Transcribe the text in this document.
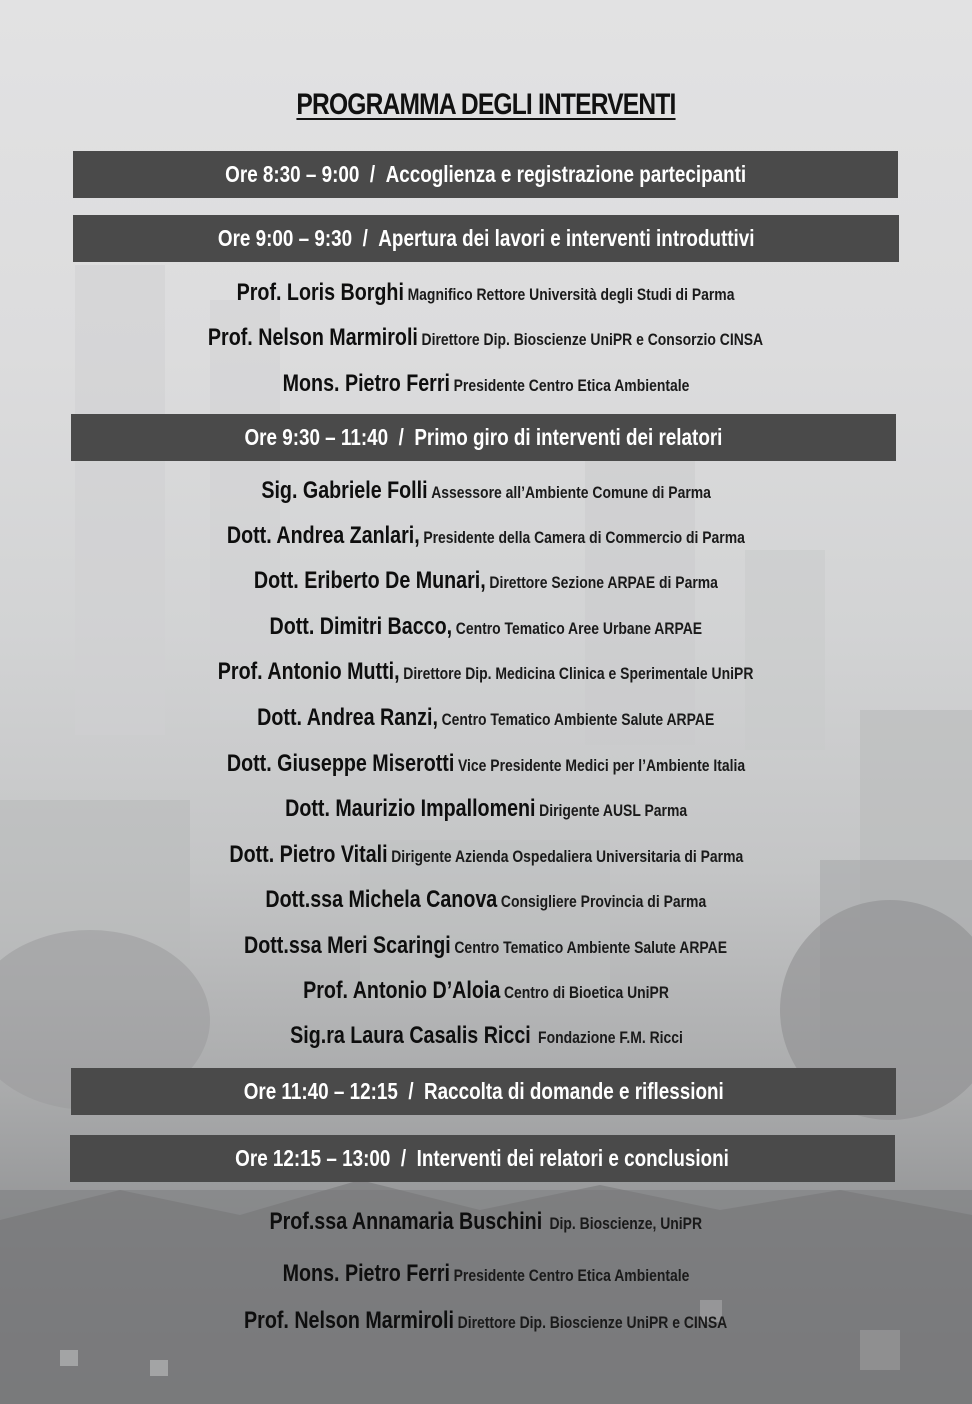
PROGRAMMA DEGLI INTERVENTI
Ore 8:30 – 9:00  /  Accoglienza e registrazione partecipanti
Ore 9:00 – 9:30  /  Apertura dei lavori e interventi introduttivi
Prof. Loris Borghi Magnifico Rettore Università degli Studi di Parma
Prof. Nelson Marmiroli Direttore Dip. Bioscienze UniPR e Consorzio CINSA
Mons. Pietro Ferri Presidente Centro Etica Ambientale
Ore 9:30 – 11:40  /  Primo giro di interventi dei relatori
Sig. Gabriele Folli Assessore all’Ambiente Comune di Parma
Dott. Andrea Zanlari, Presidente della Camera di Commercio di Parma
Dott. Eriberto De Munari, Direttore Sezione ARPAE di Parma
Dott. Dimitri Bacco, Centro Tematico Aree Urbane ARPAE
Prof. Antonio Mutti, Direttore Dip. Medicina Clinica e Sperimentale UniPR
Dott. Andrea Ranzi, Centro Tematico Ambiente Salute ARPAE
Dott. Giuseppe Miserotti Vice Presidente Medici per l’Ambiente Italia
Dott. Maurizio Impallomeni Dirigente AUSL Parma
Dott. Pietro Vitali Dirigente Azienda Ospedaliera Universitaria di Parma
Dott.ssa Michela Canova Consigliere Provincia di Parma
Dott.ssa Meri Scaringi Centro Tematico Ambiente Salute ARPAE
Prof. Antonio D’Aloia Centro di Bioetica UniPR
Sig.ra Laura Casalis Ricci Fondazione F.M. Ricci
Ore 11:40 – 12:15  /  Raccolta di domande e riflessioni
Ore 12:15 – 13:00  /  Interventi dei relatori e conclusioni
Prof.ssa Annamaria Buschini Dip. Bioscienze, UniPR
Mons. Pietro Ferri Presidente Centro Etica Ambientale
Prof. Nelson Marmiroli Direttore Dip. Bioscienze UniPR e CINSA
